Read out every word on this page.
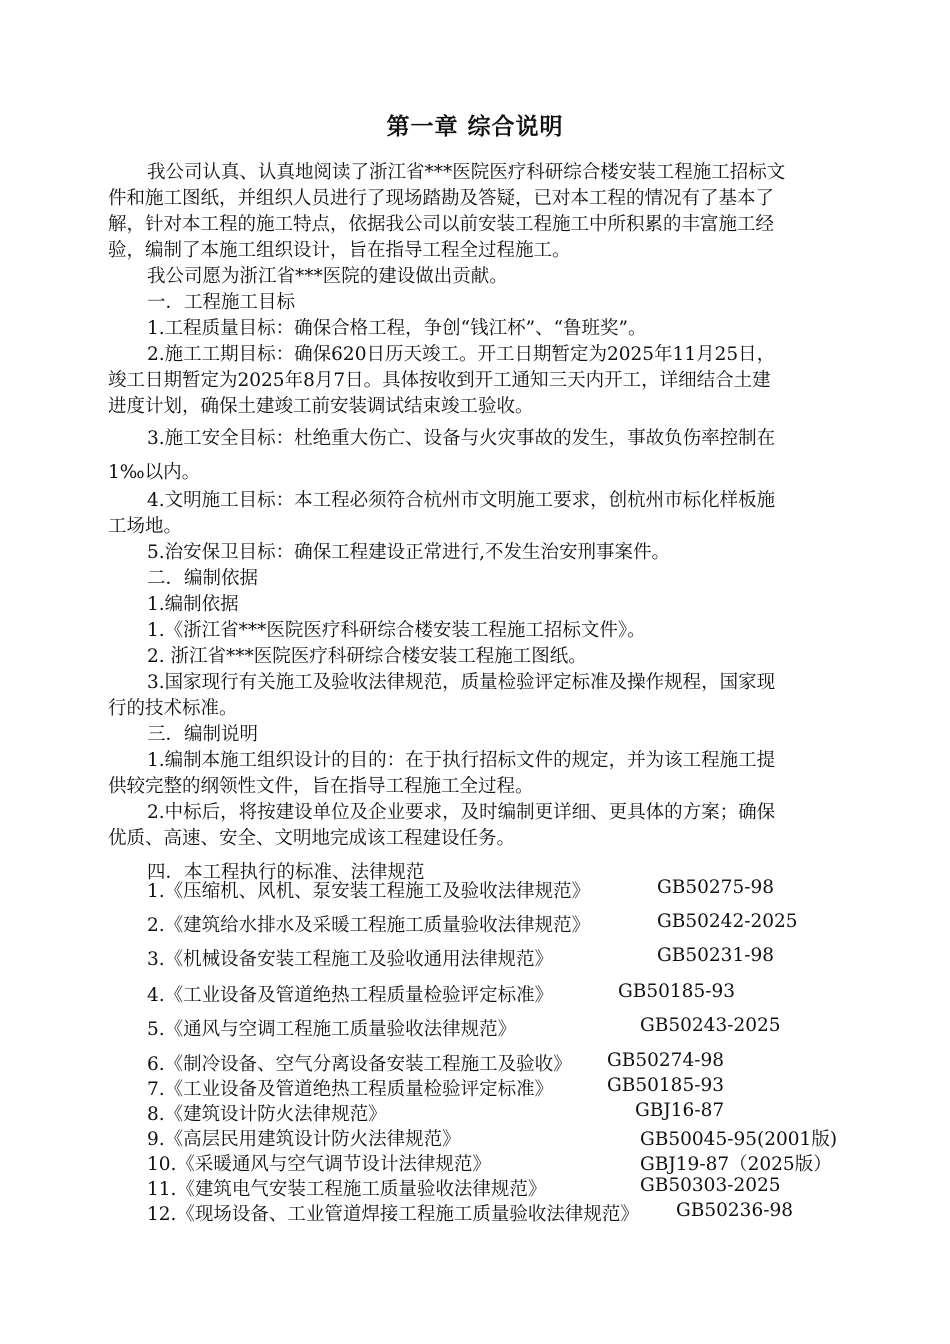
第一章 综合说明
我公司认真、认真地阅读了浙江省***医院医疗科研综合楼安装工程施工招标文
件和施工图纸，并组织人员进行了现场踏勘及答疑，已对本工程的情况有了基本了
解，针对本工程的施工特点，依据我公司以前安装工程施工中所积累的丰富施工经
验，编制了本施工组织设计，旨在指导工程全过程施工。
我公司愿为浙江省***医院的建设做出贡献。
一．工程施工目标
1.工程质量目标：确保合格工程，争创“钱江杯”、“鲁班奖”。
2.施工工期目标：确保620日历天竣工。开工日期暂定为2025年11月25日，
竣工日期暂定为2025年8月7日。具体按收到开工通知三天内开工，详细结合土建
进度计划，确保土建竣工前安装调试结束竣工验收。
3.施工安全目标：杜绝重大伤亡、设备与火灾事故的发生，事故负伤率控制在
1‰以内。
4.文明施工目标：本工程必须符合杭州市文明施工要求，创杭州市标化样板施
工场地。
5.治安保卫目标：确保工程建设正常进行,不发生治安刑事案件。
二．编制依据
1.编制依据
1.《浙江省***医院医疗科研综合楼安装工程施工招标文件》。
2. 浙江省***医院医疗科研综合楼安装工程施工图纸。
3.国家现行有关施工及验收法律规范，质量检验评定标准及操作规程，国家现
行的技术标准。
三．编制说明
1.编制本施工组织设计的目的：在于执行招标文件的规定，并为该工程施工提
供较完整的纲领性文件，旨在指导工程施工全过程。
2.中标后，将按建设单位及企业要求，及时编制更详细、更具体的方案；确保
优质、高速、安全、文明地完成该工程建设任务。
四．本工程执行的标准、法律规范
1.《压缩机、风机、泵安装工程施工及验收法律规范》	GB50275-98
2.《建筑给水排水及采暖工程施工质量验收法律规范》	GB50242-2025
3.《机械设备安装工程施工及验收通用法律规范》	GB50231-98
4.《工业设备及管道绝热工程质量检验评定标准》	GB50185-93
5.《通风与空调工程施工质量验收法律规范》	GB50243-2025
6.《制冷设备、空气分离设备安装工程施工及验收》 GB50274-98
7.《工业设备及管道绝热工程质量检验评定标准》	GB50185-93
8.《建筑设计防火法律规范》	GBJ16-87
9.《高层民用建筑设计防火法律规范》	GB50045-95(2001版)
10.《采暖通风与空气调节设计法律规范》	GBJ19-87（2025版）
11.《建筑电气安装工程施工质量验收法律规范》	GB50303-2025
12.《现场设备、工业管道焊接工程施工质量验收法律规范》 GB50236-98
